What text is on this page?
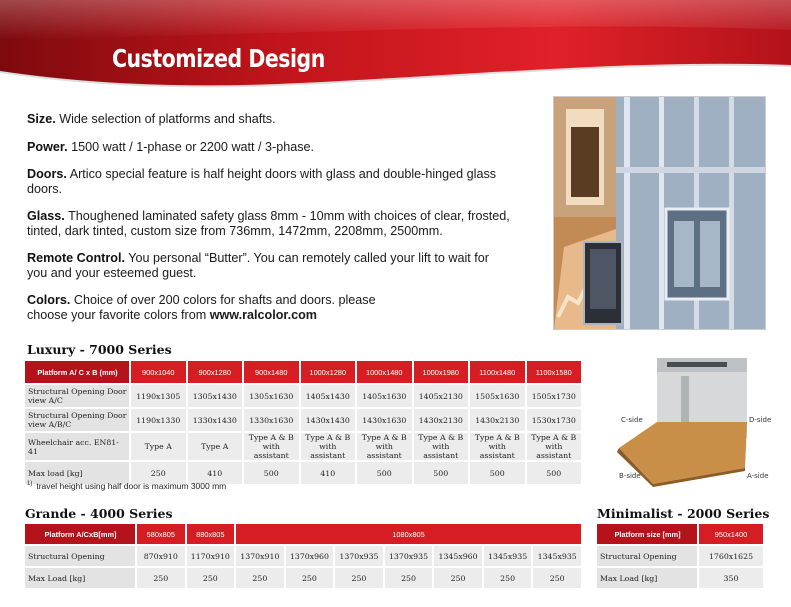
Customized Design
Size. Wide selection of platforms and shafts.
Power. 1500 watt / 1-phase or 2200 watt / 3-phase.
Doors. Artico special feature is half height doors with glass and double-hinged glass doors.
Glass. Thoughened laminated safety glass 8mm - 10mm with choices of clear, frosted, tinted, dark tinted, custom size from 736mm, 1472mm, 2208mm, 2500mm.
Remote Control. You personal “Butter”. You can remotely called your lift to wait for you and your esteemed guest.
Colors. Choice of over 200 colors for shafts and doors. please choose your favorite colors from www.ralcolor.com
C-side	D-side
B-side	A-side
Luxury - 7000 Series
Platform A/ C x B (mm)	900x1040	900x1280	900x1480	1000x1280	1000x1480	1000x1980	1100x1480	1100x1580
Structural Opening Door view A/C	1190x1305	1305x1430	1305x1630	1405x1430	1405x1630	1405x2130	1505x1630	1505x1730
Structural Opening Door view A/B/C	1190x1330	1330x1430	1330x1630	1430x1430	1430x1630	1430x2130	1430x2130	1530x1730
Wheelchair acc. EN81-41	Type A	Type A	Type A & B with assistant	Type A & B with assistant	Type A & B with assistant	Type A & B with assistant	Type A & B with assistant	Type A & B with assistant
Max load [kg]	250	410	500	410	500	500	500	500
$^{1)}$ travel height using half door is maximum 3000 mm
Grande - 4000 Series
Platform A/CxB[mm]	580x805	880x805	1080x805						
Structural Opening	870x910	1170x910	1370x910	1370x960	1370x935	1370x935	1345x960	1345x935	1345x935
Max Load [kg]	250	250	250	250	250	250	250	250	250
Minimalist - 2000 Series
Platform size [mm]	950x1400
Structural Opening	1760x1625
Max Load [kg]	350
